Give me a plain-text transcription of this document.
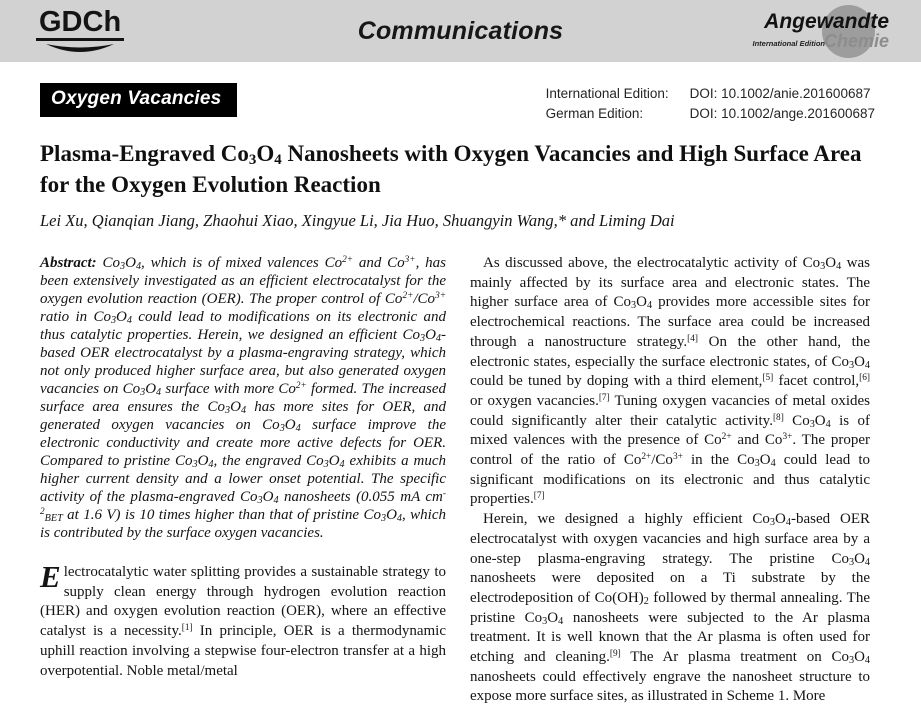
GDCh	Communications	Angewandte
International Edition
Chemie
Oxygen Vacancies	International Edition:	DOI: 10.1002/anie.201600687
German Edition:	DOI: 10.1002/ange.201600687
Plasma-Engraved $Co_3O_4$ Nanosheets with Oxygen Vacancies and High Surface Area for the Oxygen Evolution Reaction
Lei Xu, Qianqian Jiang, Zhaohui Xiao, Xingyue Li, Jia Huo, Shuangyin Wang,* and Liming Dai

Abstract: $Co_3O_4$, which is of mixed valences $Co^{2+}$ and $Co^{3+}$, has been extensively investigated as an efficient electrocatalyst for the oxygen evolution reaction (OER). The proper control of $Co^{2+}/Co^{3+}$ ratio in $Co_3O_4$ could lead to modifications on its electronic and thus catalytic properties. Herein, we designed an efficient $Co_3O_4$-based OER electrocatalyst by a plasma-engraving strategy, which not only produced higher surface area, but also generated oxygen vacancies on $Co_3O_4$ surface with more $Co^{2+}$ formed. The increased surface area ensures the $Co_3O_4$ has more sites for OER, and generated oxygen vacancies on $Co_3O_4$ surface improve the electronic conductivity and create more active defects for OER. Compared to pristine $Co_3O_4$, the engraved $Co_3O_4$ exhibits a much higher current density and a lower onset potential. The specific activity of the plasma-engraved $Co_3O_4$ nanosheets (0.055 mA $cm^{-2}_{BET}$ at 1.6 V) is 10 times higher than that of pristine $Co_3O_4$, which is contributed by the surface oxygen vacancies.

Electrocatalytic water splitting provides a sustainable strategy to supply clean energy through hydrogen evolution reaction (HER) and oxygen evolution reaction (OER), where an effective catalyst is a necessity.[1] In principle, OER is a thermodynamic uphill reaction involving a stepwise four-electron transfer at a high overpotential. Noble metal/metal

As discussed above, the electrocatalytic activity of $Co_3O_4$ was mainly affected by its surface area and electronic states. The higher surface area of $Co_3O_4$ provides more accessible sites for electrochemical reactions. The surface area could be increased through a nanostructure strategy.[4] On the other hand, the electronic states, especially the surface electronic states, of $Co_3O_4$ could be tuned by doping with a third element,[5] facet control,[6] or oxygen vacancies.[7] Tuning oxygen vacancies of metal oxides could significantly alter their catalytic activity.[8] $Co_3O_4$ is of mixed valences with the presence of $Co^{2+}$ and $Co^{3+}$. The proper control of the ratio of $Co^{2+}/Co^{3+}$ in the $Co_3O_4$ could lead to significant modifications on its electronic and thus catalytic properties.[7]

Herein, we designed a highly efficient $Co_3O_4$-based OER electrocatalyst with oxygen vacancies and high surface area by a one-step plasma-engraving strategy. The pristine $Co_3O_4$ nanosheets were deposited on a Ti substrate by the electrodeposition of $Co(OH)_2$ followed by thermal annealing. The pristine $Co_3O_4$ nanosheets were subjected to the Ar plasma treatment. It is well known that the Ar plasma is often used for etching and cleaning.[9] The Ar plasma treatment on $Co_3O_4$ nanosheets could effectively engrave the nanosheet structure to expose more surface sites, as illustrated in Scheme 1. More
